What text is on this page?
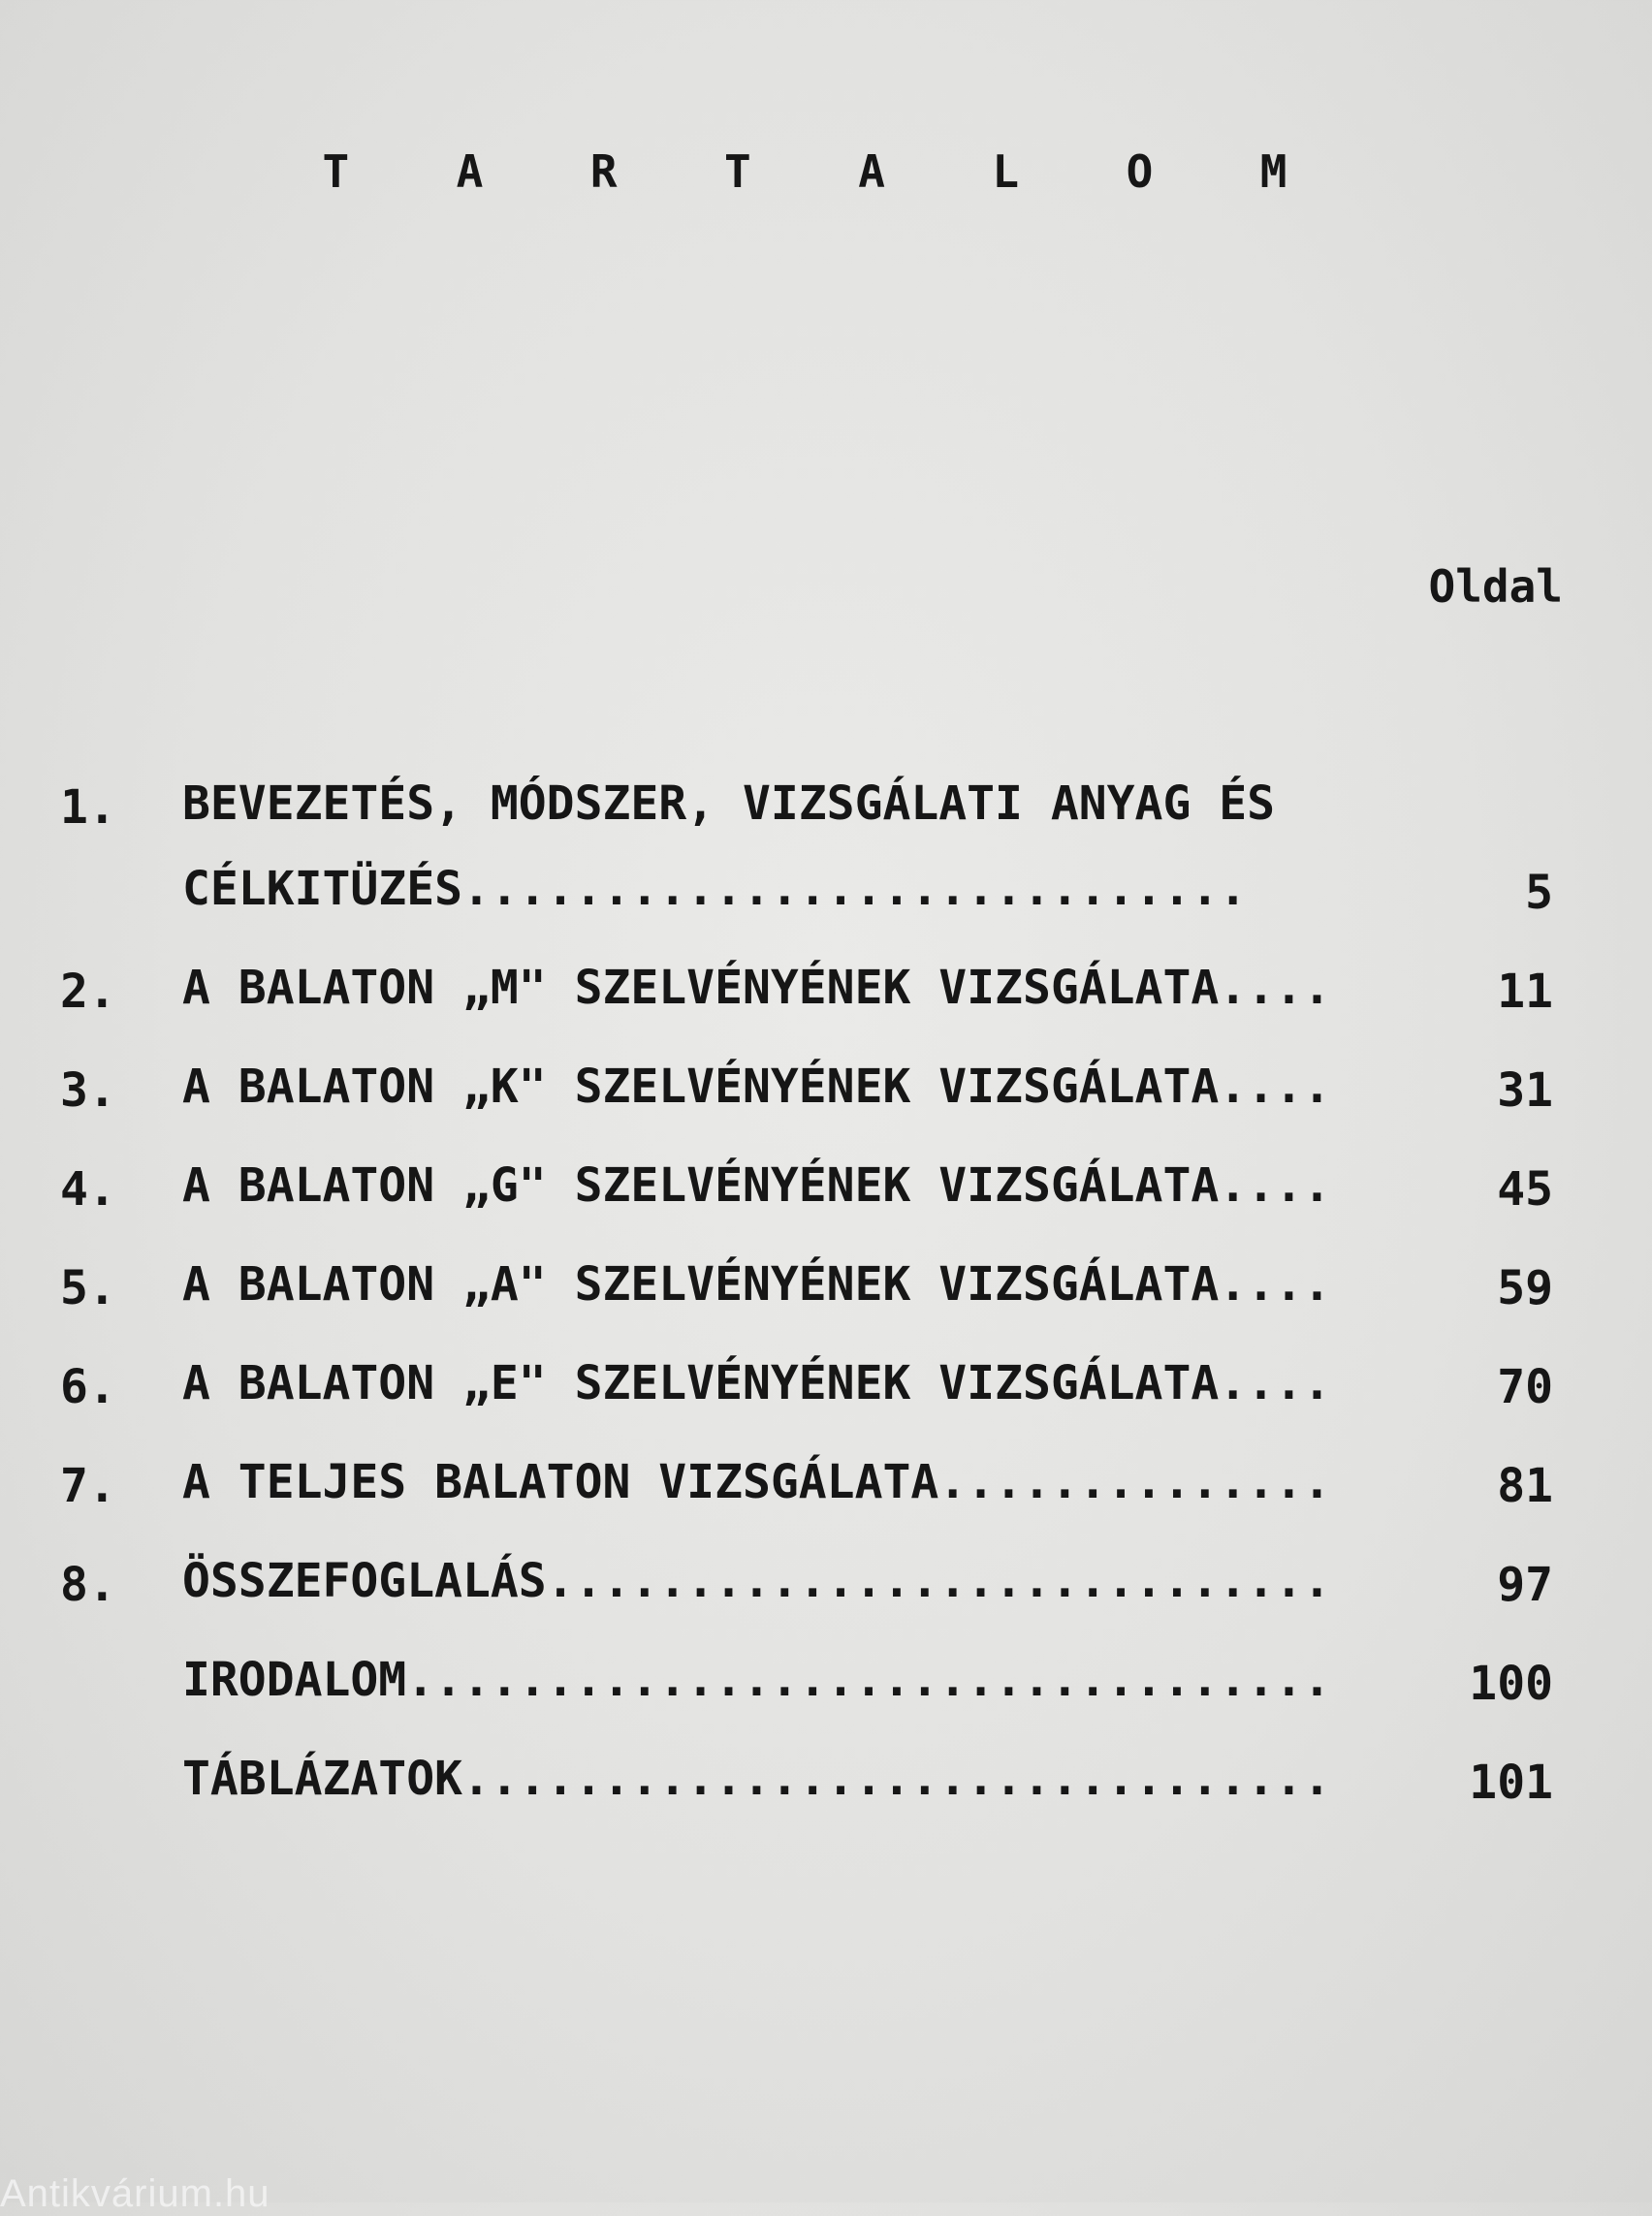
T A R T A L O M
Oldal
1.	BEVEZETÉS, MÓDSZER, VIZSGÁLATI ANYAG ÉS
CÉLKITÜZÉS............................	5
2.	A BALATON „M" SZELVÉNYÉNEK VIZSGÁLATA....	11
3.	A BALATON „K" SZELVÉNYÉNEK VIZSGÁLATA....	31
4.	A BALATON „G" SZELVÉNYÉNEK VIZSGÁLATA....	45
5.	A BALATON „A" SZELVÉNYÉNEK VIZSGÁLATA....	59
6.	A BALATON „E" SZELVÉNYÉNEK VIZSGÁLATA....	70
7.	A TELJES BALATON VIZSGÁLATA..............	81
8.	ÖSSZEFOGLALÁS............................	97
IRODALOM.................................	100
TÁBLÁZATOK...............................	101
Antikvárium.hu
